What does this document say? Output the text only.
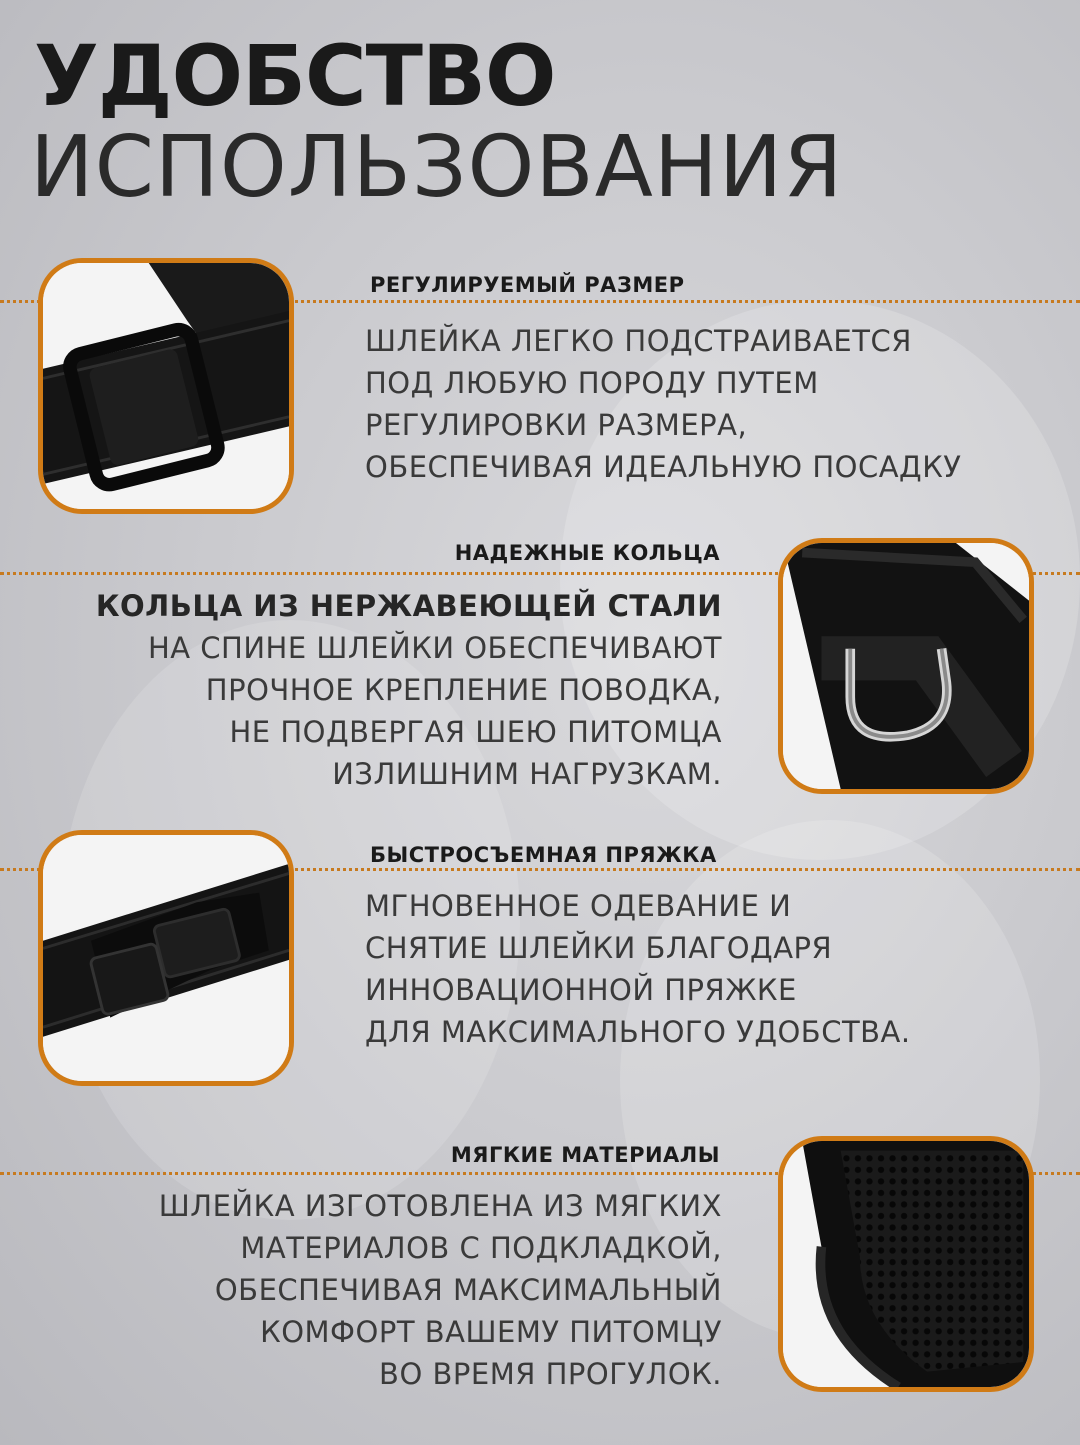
УДОБСТВО
ИСПОЛЬЗОВАНИЯ
РЕГУЛИРУЕМЫЙ РАЗМЕР
ШЛЕЙКА ЛЕГКО ПОДСТРАИВАЕТСЯ
ПОД ЛЮБУЮ ПОРОДУ ПУТЕМ
РЕГУЛИРОВКИ РАЗМЕРА,
ОБЕСПЕЧИВАЯ ИДЕАЛЬНУЮ ПОСАДКУ
НАДЕЖНЫЕ КОЛЬЦА
КОЛЬЦА ИЗ НЕРЖАВЕЮЩЕЙ СТАЛИ
НА СПИНЕ ШЛЕЙКИ ОБЕСПЕЧИВАЮТ
ПРОЧНОЕ КРЕПЛЕНИЕ ПОВОДКА,
НЕ ПОДВЕРГАЯ ШЕЮ ПИТОМЦА
ИЗЛИШНИМ НАГРУЗКАМ.
БЫСТРОСЪЕМНАЯ ПРЯЖКА
МГНОВЕННОЕ ОДЕВАНИЕ И
СНЯТИЕ ШЛЕЙКИ БЛАГОДАРЯ
ИННОВАЦИОННОЙ ПРЯЖКЕ
ДЛЯ МАКСИМАЛЬНОГО УДОБСТВА.
МЯГКИЕ МАТЕРИАЛЫ
ШЛЕЙКА ИЗГОТОВЛЕНА ИЗ МЯГКИХ
МАТЕРИАЛОВ С ПОДКЛАДКОЙ,
ОБЕСПЕЧИВАЯ МАКСИМАЛЬНЫЙ
КОМФОРТ ВАШЕМУ ПИТОМЦУ
ВО ВРЕМЯ ПРОГУЛОК.
